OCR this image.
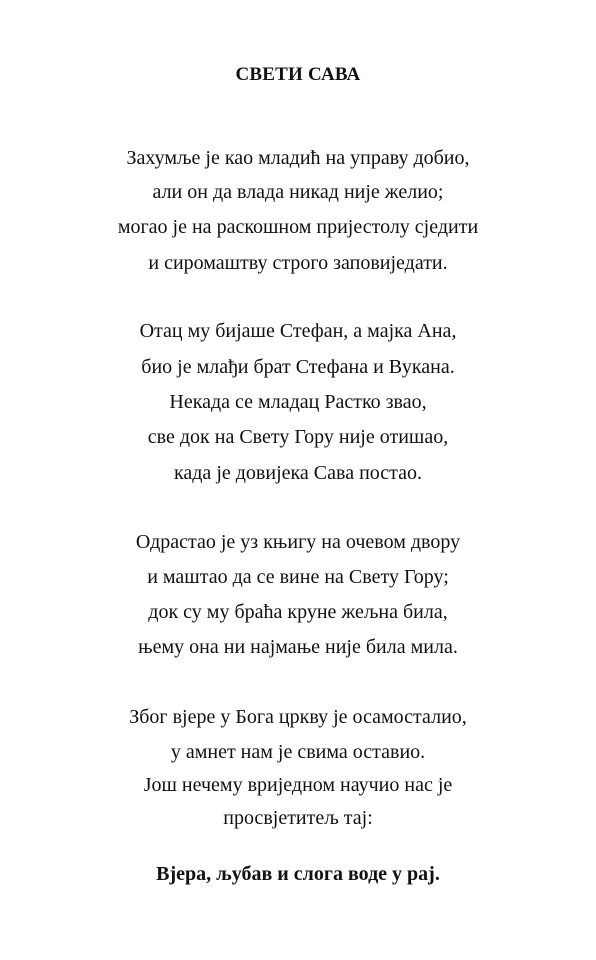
СВЕТИ САВА
Захумље је као младић на управу добио,
али он да влада никад није желио;
могао је на раскошном пријестолу сједити
и сиромаштву строго заповиједати.
Отац му бијаше Стефан, а мајка Ана,
био је млађи брат Стефана и Вукана.
Некада се младац Растко звао,
све док на Свету Гору није отишао,
када је довијека Сава постао.
Одрастао је уз књигу на очевом двору
и маштао да се вине на Свету Гору;
док су му браћа круне жељна била,
њему она ни најмање није била мила.
Због вјере у Бога цркву је осамосталио,
у амнет нам је свима оставио.
Још нечему вриједном научио нас је
просвјетитељ тај:
Вјера, љубав и слога воде у рај.
